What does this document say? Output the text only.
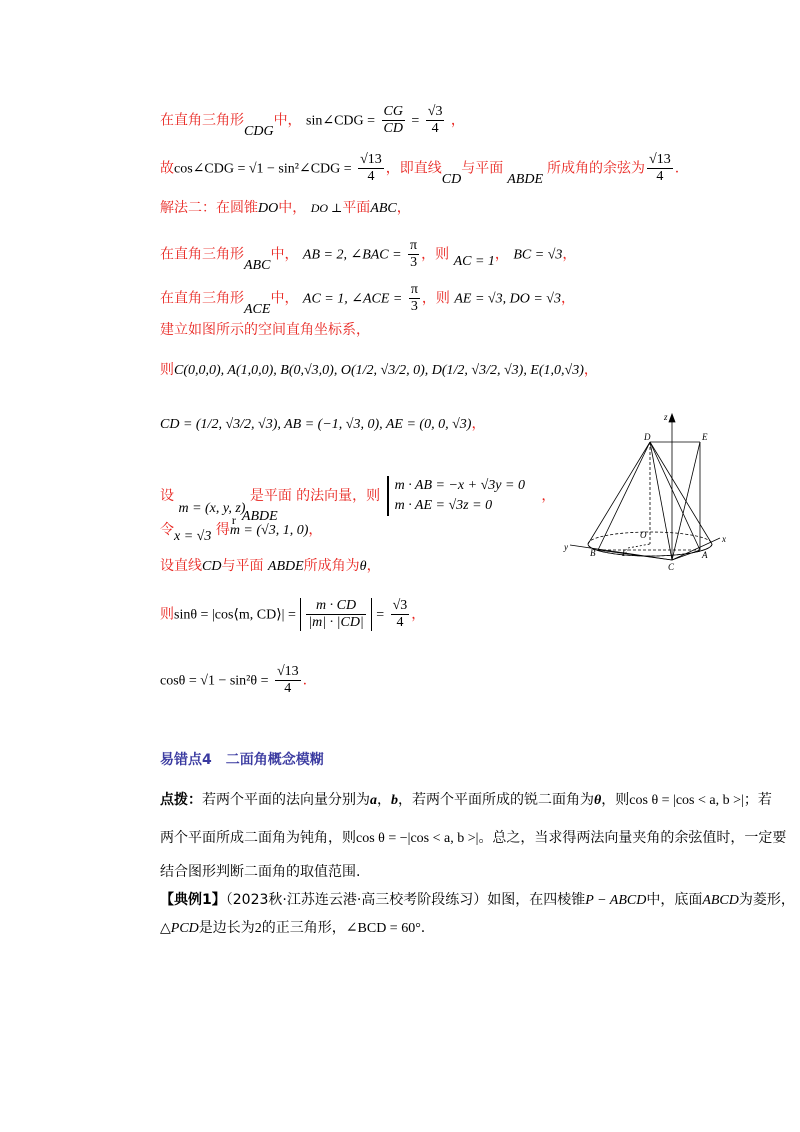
在直角三角形CDG中， sin∠CDG = $\frac{CG}{CD} = \frac{√3}{4}$ ，
故cos∠CDG = √1 − sin²∠CDG = $\frac{√13}{4}$ ，即直线CD与平面ABDE所成角的余弦为 $\frac{√13}{4}$ .
解法二：在圆锥DO中， DO ⊥平面ABC，
在直角三角形ABC中， AB = 2, ∠BAC = $\frac{\pi}{3}$ ，则 AC = 1， BC = √3，
在直角三角形ACE中， AC = 1, ∠ACE = $\frac{\pi}{3}$ ，则 AE = √3, DO = √3，
建立如图所示的空间直角坐标系，
则C(0,0,0), A(1,0,0), B(0,√3,0), O(1/2, √3/2, 0), D(1/2, √3/2, √3), E(1,0,√3)，
CD = (1/2, √3/2, √3), AB = (−1, √3, 0), AE = (0, 0, √3)，
设 m = (x, y, z) 是平面ABDE 的法向量，则
m · AB = −x + √3y = 0
m · AE = √3z = 0
，
令x = √3 得
r
m = (√3, 1, 0)，
设直线CD与平面 ABDE所成角为θ，
则sinθ = |cos⟨m, CD⟩| = $\frac{m \cdot CD}{|m| \cdot |CD|} = \frac{√3}{4}$ ，
$\cos\theta = √1 - \sin^2\theta = \frac{√13}{4}$ .
易错点4　二面角概念模糊
点拨：若两个平面的法向量分别为a，b，若两个平面所成的锐二面角为θ，则cos θ = |cos < a, b >|；若
两个平面所成二面角为钝角，则cos θ = −|cos < a, b >|。总之，当求得两法向量夹角的余弦值时，一定要
结合图形判断二面角的取值范围.
【典例1】（2023秋·江苏连云港·高三校考阶段练习）如图，在四棱锥P − ABCD中，底面ABCD为菱形，
△PCD是边长为2的正三角形，∠BCD = 60°.
z
x
y
D	E
O
A
B
C
F
